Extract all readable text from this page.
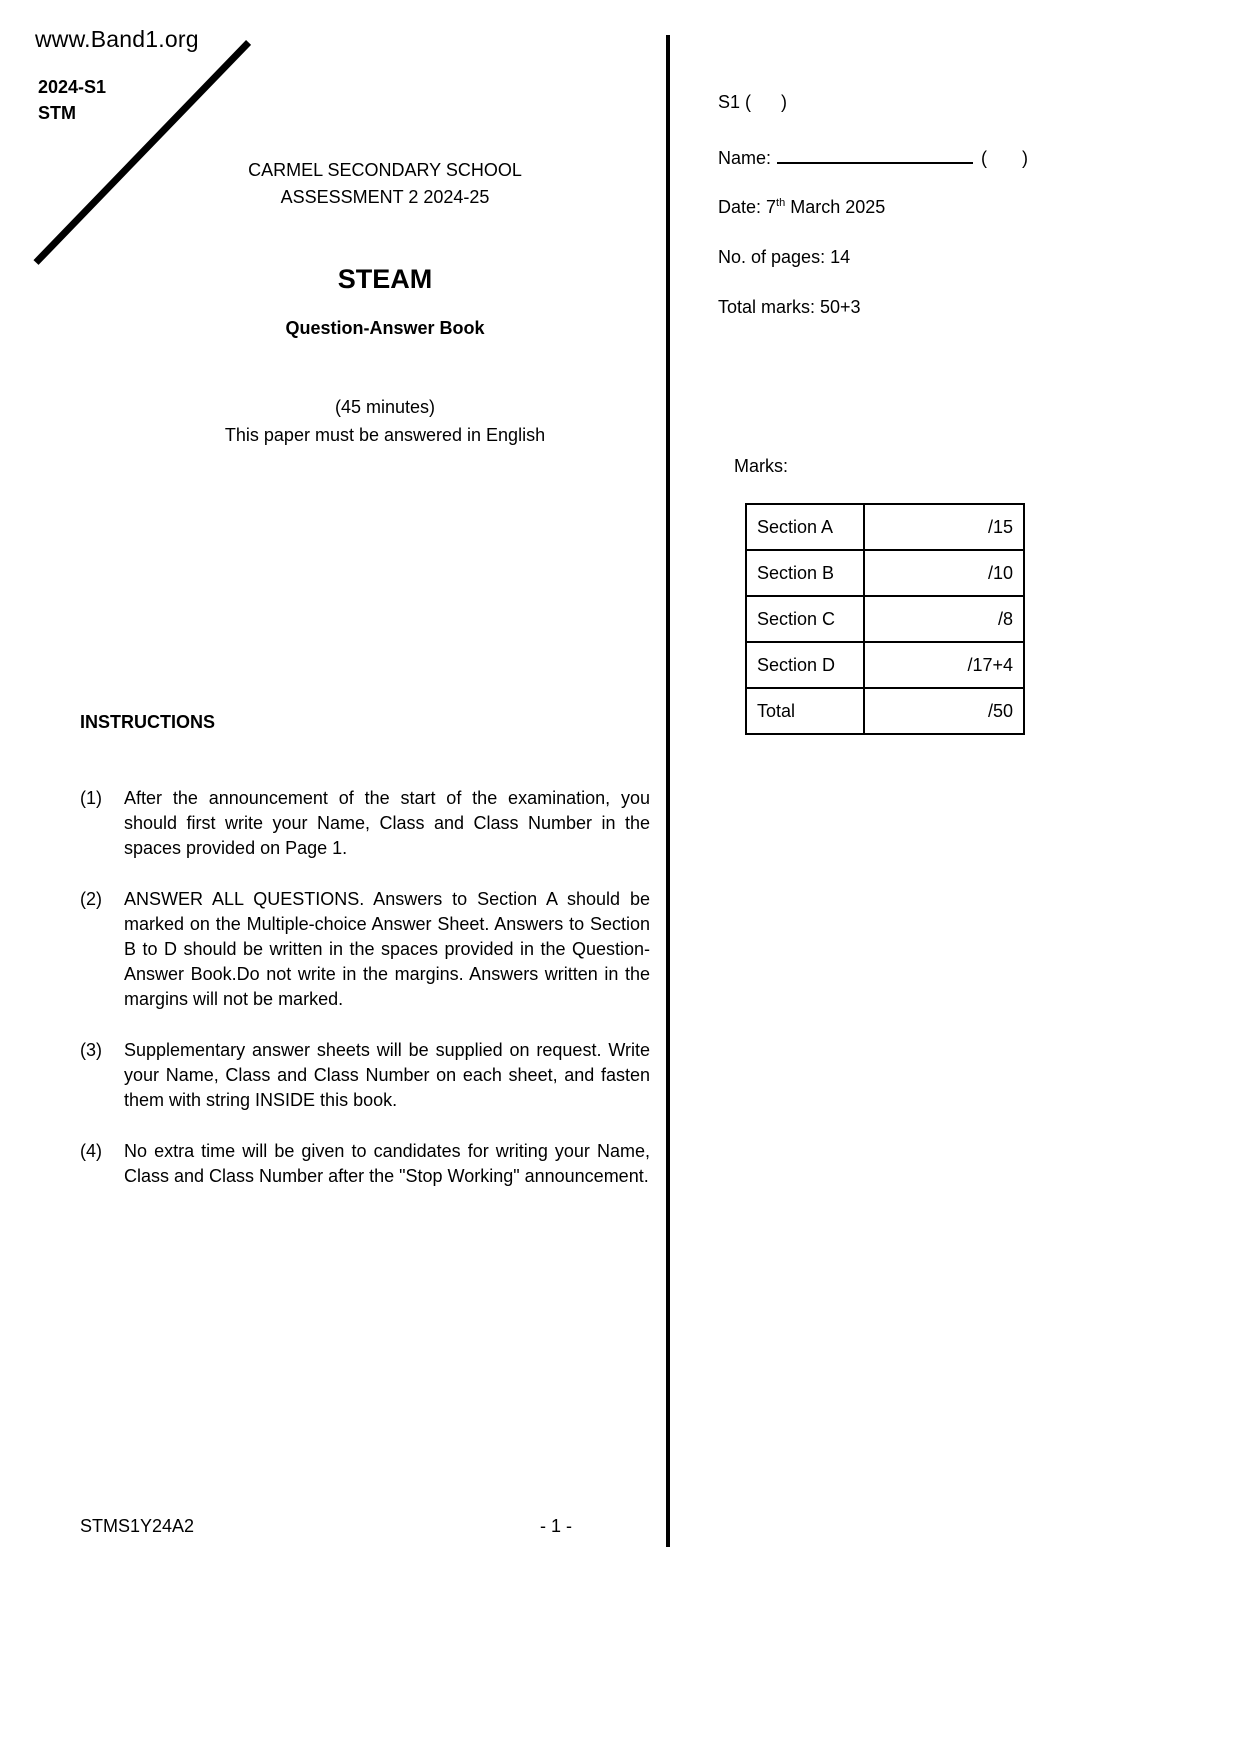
www.Band1.org
2024-S1
STM
CARMEL SECONDARY SCHOOL
ASSESSMENT 2 2024-25
STEAM
Question-Answer Book
(45 minutes)
This paper must be answered in English
S1 (      )
Name:	(       )
Date: 7th March 2025
No. of pages: 14
Total marks: 50+3
Marks:
Section A	/15
Section B	/10
Section C	/8
Section D	/17+4
Total	/50
INSTRUCTIONS
(1)	After the announcement of the start of the examination, you should first write your Name, Class and Class Number in the spaces provided on Page 1.
(2)	ANSWER ALL QUESTIONS. Answers to Section A should be marked on the Multiple-choice Answer Sheet. Answers to Section B to D should be written in the spaces provided in the Question-Answer Book.Do not write in the margins. Answers written in the margins will not be marked.
(3)	Supplementary answer sheets will be supplied on request. Write your Name, Class and Class Number on each sheet, and fasten them with string INSIDE this book.
(4)	No extra time will be given to candidates for writing your Name, Class and Class Number after the "Stop Working" announcement.
STMS1Y24A2	- 1 -
